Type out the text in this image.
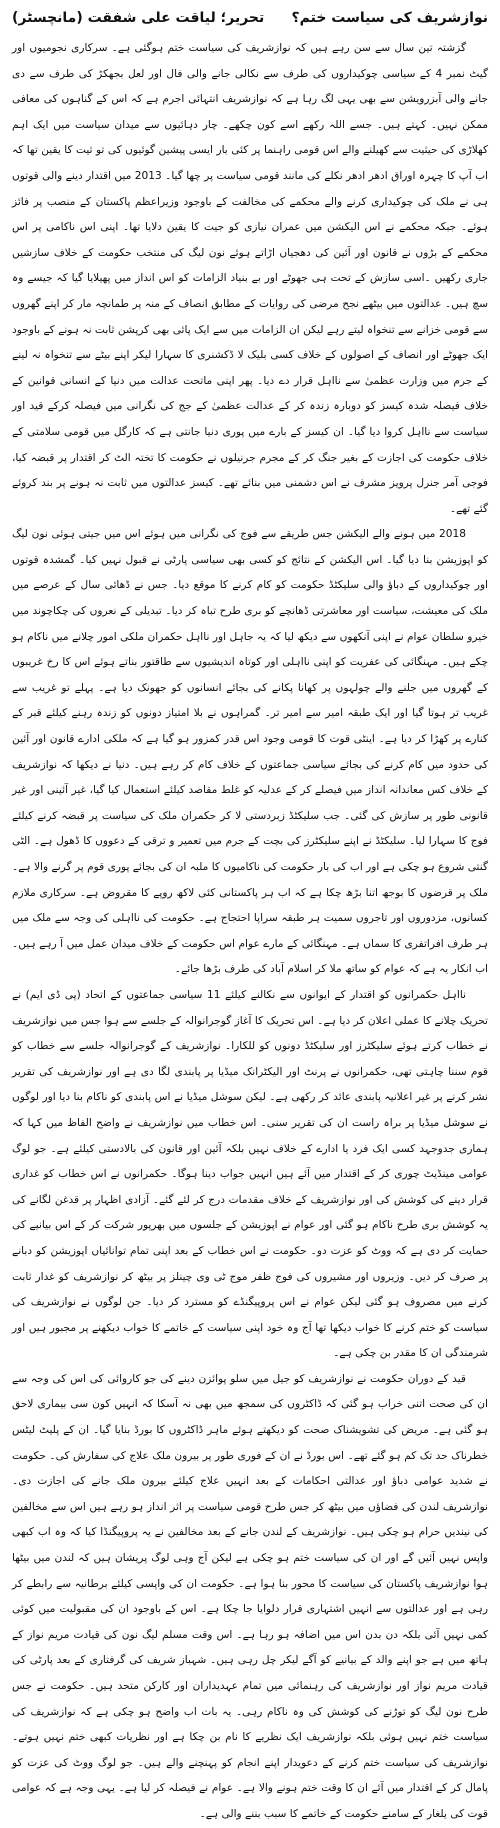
نوازشریف کی سیاست ختم؟
تحریر؛ لیاقت علی شفقت (مانچسٹر)

گزشتہ تین سال سے سن رہے ہیں کہ نوازشریف کی سیاست ختم ہوگئی ہے۔ سرکاری نجومیوں اور گیٹ نمبر 4 کے سیاسی چوکیداروں کی طرف سے نکالی جانے والی فال اور لعل بجھکڑ کی طرف سے دی جانے والی آبزرویشن سے بھی یہی لگ رہا ہے کہ نوازشریف انتہائی اجرم ہے کہ اس کے گناہوں کی معافی ممکن نہیں۔ کہتے ہیں۔ جسے اللہ رکھے اسے کون چکھے۔ چار دہائیوں سے میدان سیاست میں ایک اہم کھلاڑی کی حیثیت سے کھیلنے والے اس قومی راہنما پر کئی بار ایسی پیشین گوئیوں کی تو ثیت کا یقین تھا کہ اب آپ کا چہرہ اوراق ادھر ادھر نکلے کی مانند قومی سیاست پر چھا گیا۔ 2013 میں اقتدار دینے والی قوتوں ہی نے ملک کی چوکیداری کرنے والے محکمے کی مخالفت کے باوجود وزیراعظم پاکستان کے منصب پر فائز ہوئے۔ جبکہ محکمے نے اس الیکشن میں عمران نیازی کو جیت کا یقین دلایا تھا۔ اپنی اس ناکامی پر اس محکمے کے بڑوں نے قانون اور آئین کی دھجیاں اڑاتے ہوئے نون لیگ کی منتخب حکومت کے خلاف سازشیں جاری رکھیں ۔اسی سازش کے تحت ہی جھوٹے اور بے بنیاد الزامات کو اس انداز میں پھیلایا گیا کہ جیسے وہ سچ ہیں۔ عدالتوں میں بیٹھے نجح مرضی کی روایات کے مطابق انصاف کے منہ پر طمانچہ مار کر اپنے گھروں سے قومی خزانے سے تنخواہ لیتے رہے لیکن ان الزامات میں سے ایک پائی بھی کرپشن ثابت نہ ہونے کے باوجود ایک جھوٹے اور انصاف کے اصولوں کے خلاف کسی بلیک لا ڈکشنری کا سہارا لیکر اپنے بیٹے سے تنخواہ نہ لینے کے جرم میں وزارت عظمیٰ سے نااہل قرار دے دیا۔ پھر اپنی ماتحت عدالت میں دنیا کے انسانی قوانین کے خلاف فیصلہ شدہ کیسز کو دوبارہ زندہ کر کے عدالت عظمیٰ کے جج کی نگرانی میں فیصلہ کرکے قید اور سیاست سے نااہل کروا دیا گیا۔ ان کیسز کے بارے میں پوری دنیا جانتی ہے کہ کارگل میں قومی سلامتی کے خلاف حکومت کی اجازت کے بغیر جنگ کر کے مجرم جرنیلوں نے حکومت کا تختہ الٹ کر اقتدار پر قبضہ کیا، فوجی آمر جنرل پرویز مشرف نے اس دشمنی میں بنائے تھے۔ کیسز عدالتوں میں ثابت نہ ہونے پر بند کروئے گئے تھے۔

2018 میں ہونے والے الیکشن جس طریقے سے فوج کی نگرانی میں ہوئے اس میں جیتی ہوئی نون لیگ کو اپوزیشن بنا دیا گیا۔ اس الیکشن کے نتائج کو کسی بھی سیاسی پارٹی نے قبول نہیں کیا۔ گمشدہ قوتوں اور چوکیداروں کے دباؤ والی سلیکٹڈ حکومت کو کام کرنے کا موقع دیا۔ جس نے ڈھائی سال کے عرصے میں ملک کی معیشت، سیاست اور معاشرتی ڈھانچے کو بری طرح تباہ کر دیا۔ تبدیلی کے نعروں کی چکاچوند میں خیرو سلطان عوام نے اپنی آنکھوں سے دیکھ لیا کہ یہ جاہل اور نااہل حکمران ملکی امور چلانے میں ناکام ہو چکے ہیں۔ مہنگائی کی عفریت کو اپنی نااہلی اور کوتاہ اندیشیوں سے طاقتور بناتے ہوئے اس کا رخ غریبوں کے گھروں میں جلنے والے چولہوں پر کھانا پکانے کی بجائے انسانوں کو جھونک دیا ہے۔ پہلے تو غریب سے غریب تر ہوتا گیا اور ایک طبقہ امیر سے امیر تر۔ گمراہوں نے بلا امتیاز دونوں کو زندہ رہنے کیلئے قبر کے کنارے پر کھڑا کر دیا ہے۔ اینٹی قوت کا قومی وجود اس قدر کمزور ہو گیا ہے کہ ملکی ادارے قانون اور آئین کی حدود میں کام کرنے کی بجائے سیاسی جماعتوں کے خلاف کام کر رہے ہیں۔ دنیا نے دیکھا کہ نوازشریف کے خلاف کس معاندانہ انداز میں فیصلے کر کے عدلیہ کو غلط مقاصد کیلئے استعمال کیا گیا، غیر آئینی اور غیر قانونی طور پر سازش کی گئی۔ جب سلیکٹڈ زبردستی لا کر حکمران ملک کی سیاست پر قبضہ کرنے کیلئے فوج کا سہارا لیا۔ سلیکٹڈ نے اپنے سلیکٹرز کی بچت کے جرم میں تعمیر و ترقی کے دعووں کا ڈھول ہے۔ الٹی گنتی شروع ہو چکی ہے اور اب کی بار حکومت کی ناکامیوں کا ملبہ ان کی بجائے پوری قوم پر گرنے والا ہے۔ ملک پر قرضوں کا بوجھ اتنا بڑھ چکا ہے کہ اب ہر پاکستانی کئی لاکھ روپے کا مقروض ہے۔ سرکاری ملازم کسانوں، مزدوروں اور تاجروں سمیت ہر طبقہ سراپا احتجاج ہے۔ حکومت کی نااہلی کی وجہ سے ملک میں ہر طرف افراتفری کا سماں ہے۔ مہنگائی کے مارے عوام اس حکومت کے خلاف میدان عمل میں آ رہے ہیں۔ اب انکار یہ ہے کہ عوام کو ساتھ ملا کر اسلام آباد کی طرف بڑھا جائے۔

نااہل حکمرانوں کو اقتدار کے ایوانوں سے نکالنے کیلئے 11 سیاسی جماعتوں کے اتحاد (پی ڈی ایم) نے تحریک چلانے کا عملی اعلان کر دیا ہے۔ اس تحریک کا آغاز گوجرانوالہ کے جلسے سے ہوا جس میں نوازشریف نے خطاب کرتے ہوئے سلیکٹرز اور سلیکٹڈ دونوں کو للکارا۔ نوازشریف کے گوجرانوالہ جلسے سے خطاب کو قوم سننا چاہتی تھی، حکمرانوں نے پرنٹ اور الیکٹرانک میڈیا پر پابندی لگا دی ہے اور نوازشریف کی تقریر نشر کرنے پر غیر اعلانیہ پابندی عائد کر رکھی ہے۔ لیکن سوشل میڈیا نے اس پابندی کو ناکام بنا دیا اور لوگوں نے سوشل میڈیا پر براہ راست ان کی تقریر سنی۔ اس خطاب میں نوازشریف نے واضح الفاظ میں کہا کہ ہماری جدوجہد کسی ایک فرد یا ادارے کے خلاف نہیں بلکہ آئین اور قانون کی بالادستی کیلئے ہے۔ جو لوگ عوامی مینڈیٹ چوری کر کے اقتدار میں آئے ہیں انہیں جواب دینا ہوگا۔ حکمرانوں نے اس خطاب کو غداری قرار دینے کی کوشش کی اور نوازشریف کے خلاف مقدمات درج کر لئے گئے۔ آزادی اظہار پر قدغن لگانے کی یہ کوشش بری طرح ناکام ہو گئی اور عوام نے اپوزیشن کے جلسوں میں بھرپور شرکت کر کے اس بیانیے کی حمایت کر دی ہے کہ ووٹ کو عزت دو۔ حکومت نے اس خطاب کے بعد اپنی تمام توانائیاں اپوزیشن کو دبانے پر صرف کر دیں۔ وزیروں اور مشیروں کی فوج ظفر موج ٹی وی چینلز پر بیٹھ کر نوازشریف کو غدار ثابت کرنے میں مصروف ہو گئی لیکن عوام نے اس پروپیگنڈے کو مسترد کر دیا۔ جن لوگوں نے نوازشریف کی سیاست کو ختم کرنے کا خواب دیکھا تھا آج وہ خود اپنی سیاست کے خاتمے کا خواب دیکھنے پر مجبور ہیں اور شرمندگی ان کا مقدر بن چکی ہے۔

قید کے دوران حکومت نے نوازشریف کو جیل میں سلو پوائزن دینے کی جو کاروائی کی اس کی وجہ سے ان کی صحت اتنی خراب ہو گئی کہ ڈاکٹروں کی سمجھ میں بھی نہ آسکا کہ انہیں کون سی بیماری لاحق ہو گئی ہے۔ مریض کی تشویشناک صحت کو دیکھتے ہوئے ماہر ڈاکٹروں کا بورڈ بنایا گیا۔ ان کے پلیٹ لیٹس خطرناک حد تک کم ہو گئے تھے۔ اس بورڈ نے ان کے فوری طور پر بیرون ملک علاج کی سفارش کی۔ حکومت نے شدید عوامی دباؤ اور عدالتی احکامات کے بعد انہیں علاج کیلئے بیرون ملک جانے کی اجازت دی۔ نوازشریف لندن کی فضاؤں میں بیٹھ کر جس طرح قومی سیاست پر اثر انداز ہو رہے ہیں اس سے مخالفین کی نیندیں حرام ہو چکی ہیں۔ نوازشریف کے لندن جانے کے بعد مخالفین نے یہ پروپیگنڈا کیا کہ وہ اب کبھی واپس نہیں آئیں گے اور ان کی سیاست ختم ہو چکی ہے لیکن آج وہی لوگ پریشان ہیں کہ لندن میں بیٹھا ہوا نوازشریف پاکستان کی سیاست کا محور بنا ہوا ہے۔ حکومت ان کی واپسی کیلئے برطانیہ سے رابطے کر رہی ہے اور عدالتوں سے انہیں اشتہاری قرار دلوایا جا چکا ہے۔ اس کے باوجود ان کی مقبولیت میں کوئی کمی نہیں آئی بلکہ دن بدن اس میں اضافہ ہو رہا ہے۔ اس وقت مسلم لیگ نون کی قیادت مریم نواز کے ہاتھ میں ہے جو اپنے والد کے بیانیے کو آگے لیکر چل رہی ہیں۔ شہباز شریف کی گرفتاری کے بعد پارٹی کی قیادت مریم نواز اور نوازشریف کی رہنمائی میں تمام عہدیداران اور کارکن متحد ہیں۔ حکومت نے جس طرح نون لیگ کو توڑنے کی کوشش کی وہ ناکام رہی۔ یہ بات اب واضح ہو چکی ہے کہ نوازشریف کی سیاست ختم نہیں ہوئی بلکہ نوازشریف ایک نظریے کا نام بن چکا ہے اور نظریات کبھی ختم نہیں ہوتے۔ نوازشریف کی سیاست ختم کرنے کے دعویدار اپنے انجام کو پہنچنے والے ہیں۔ جو لوگ ووٹ کی عزت کو پامال کر کے اقتدار میں آئے ان کا وقت ختم ہونے والا ہے۔ عوام نے فیصلہ کر لیا ہے۔ یہی وجہ ہے کہ عوامی قوت کی یلغار کے سامنے حکومت کے خاتمے کا سبب بننے والی ہے۔
